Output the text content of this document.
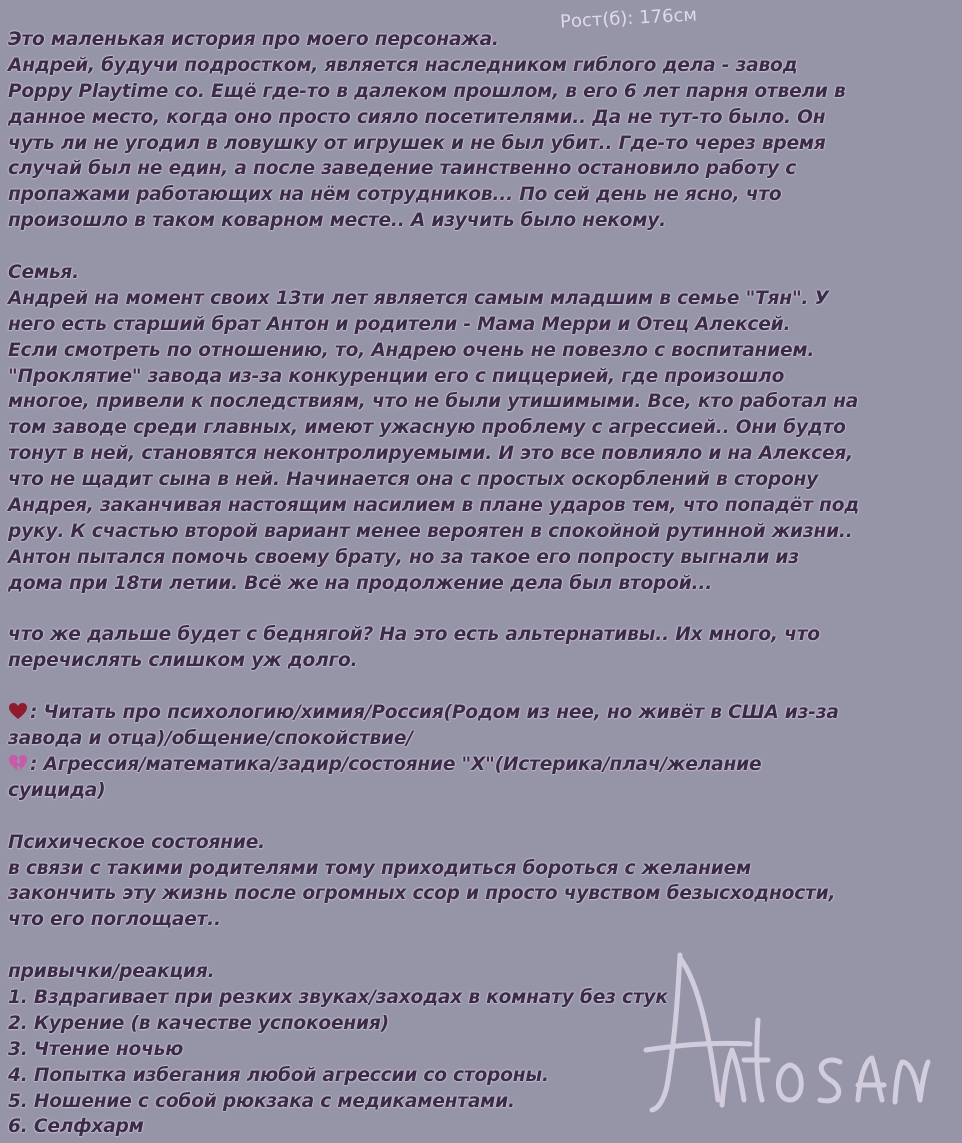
Это маленькая история про моего персонажа.
Андрей, будучи подростком, является наследником гиблого дела - завод
Poppy Playtime co. Ещё где-то в далеком прошлом, в его 6 лет парня отвели в
данное место, когда оно просто сияло посетителями.. Да не тут-то было. Он
чуть ли не угодил в ловушку от игрушек и не был убит.. Где-то через время
случай был не един, а после заведение таинственно остановило работу с
пропажами работающих на нём сотрудников... По сей день не ясно, что
произошло в таком коварном месте.. А изучить было некому.
Семья.
Андрей на момент своих 13ти лет является самым младшим в семье "Тян". У
него есть старший брат Антон и родители - Мама Мерри и Отец Алексей.
Если смотреть по отношению, то, Андрею очень не повезло с воспитанием.
"Проклятие" завода из-за конкуренции его с пиццерией, где произошло
многое, привели к последствиям, что не были утишимыми. Все, кто работал на
том заводе среди главных, имеют ужасную проблему с агрессией.. Они будто
тонут в ней, становятся неконтролируемыми. И это все повлияло и на Алексея,
что не щадит сына в ней. Начинается она с простых оскорблений в сторону
Андрея, заканчивая настоящим насилием в плане ударов тем, что попадёт под
руку. К счастью второй вариант менее вероятен в спокойной рутинной жизни..
Антон пытался помочь своему брату, но за такое его попросту выгнали из
дома при 18ти летии. Всё же на продолжение дела был второй...
что же дальше будет с беднягой? На это есть альтернативы.. Их много, что
перечислять слишком уж долго.
: Читать про психологию/химия/Россия(Родом из нее, но живёт в США из-за
завода и отца)/общение/спокойствие/
: Агрессия/математика/задир/состояние "Х"(Истерика/плач/желание
суицида)
Психическое состояние.
в связи с такими родителями тому приходиться бороться с желанием
закончить эту жизнь после огромных ссор и просто чувством безысходности,
что его поглощает..
привычки/реакция.
1. Вздрагивает при резких звуках/заходах в комнату без стук
2. Курение (в качестве успокоения)
3. Чтение ночью
4. Попытка избегания любой агрессии со стороны.
5. Ношение с собой рюкзака с медикаментами.
6. Селфхарм
Рост(б): 176см
